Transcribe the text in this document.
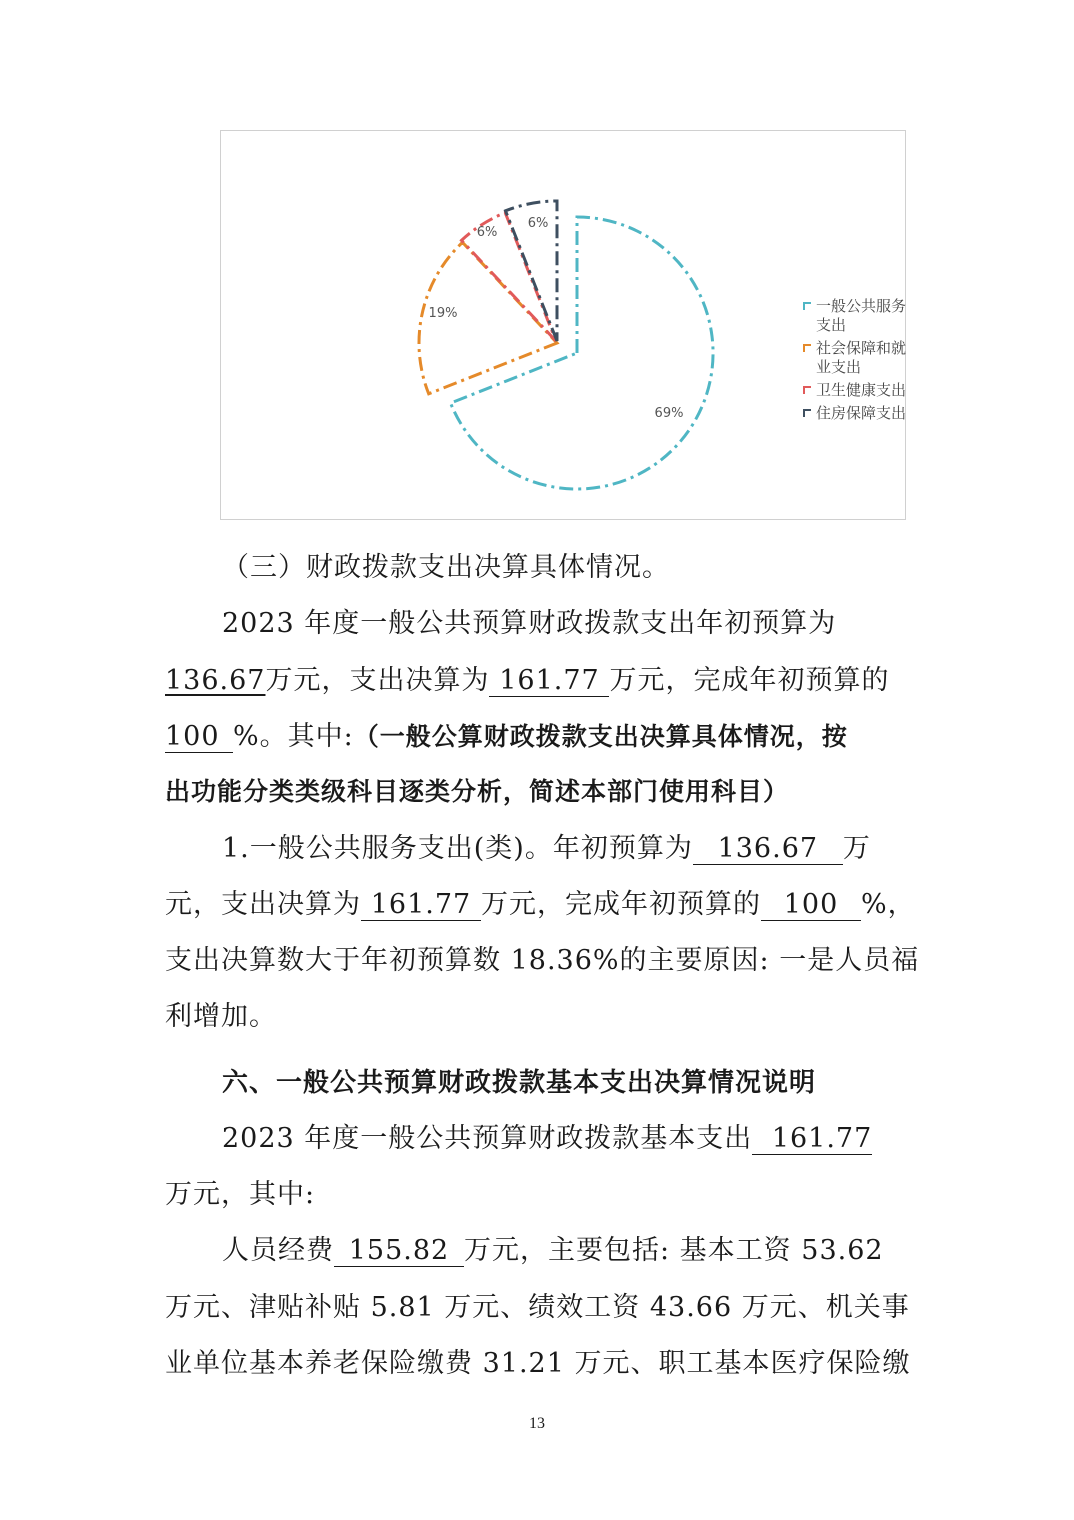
69%
19%
6%
6%
一般公共服务支出
社会保障和就业支出
卫生健康支出
住房保障支出
（三）财政拨款支出决算具体情况。
2023 年度一般公共预算财政拨款支出年初预算为
136.67万元，支出决算为 161.77 万元，完成年初预算的
100 %。其中:（一般公算财政拨款支出决算具体情况，按
出功能分类类级科目逐类分析，简述本部门使用科目）
1.一般公共服务支出(类)。年初预算为 136.67 万
元，支出决算为 161.77 万元，完成年初预算的 100 %，
支出决算数大于年初预算数 18.36%的主要原因: 一是人员福
利增加。
六、一般公共预算财政拨款基本支出决算情况说明
2023 年度一般公共预算财政拨款基本支出 161.77
万元，其中:
人员经费 155.82 万元，主要包括: 基本工资 53.62
万元、津贴补贴 5.81 万元、绩效工资 43.66 万元、机关事
业单位基本养老保险缴费 31.21 万元、职工基本医疗保险缴
13
